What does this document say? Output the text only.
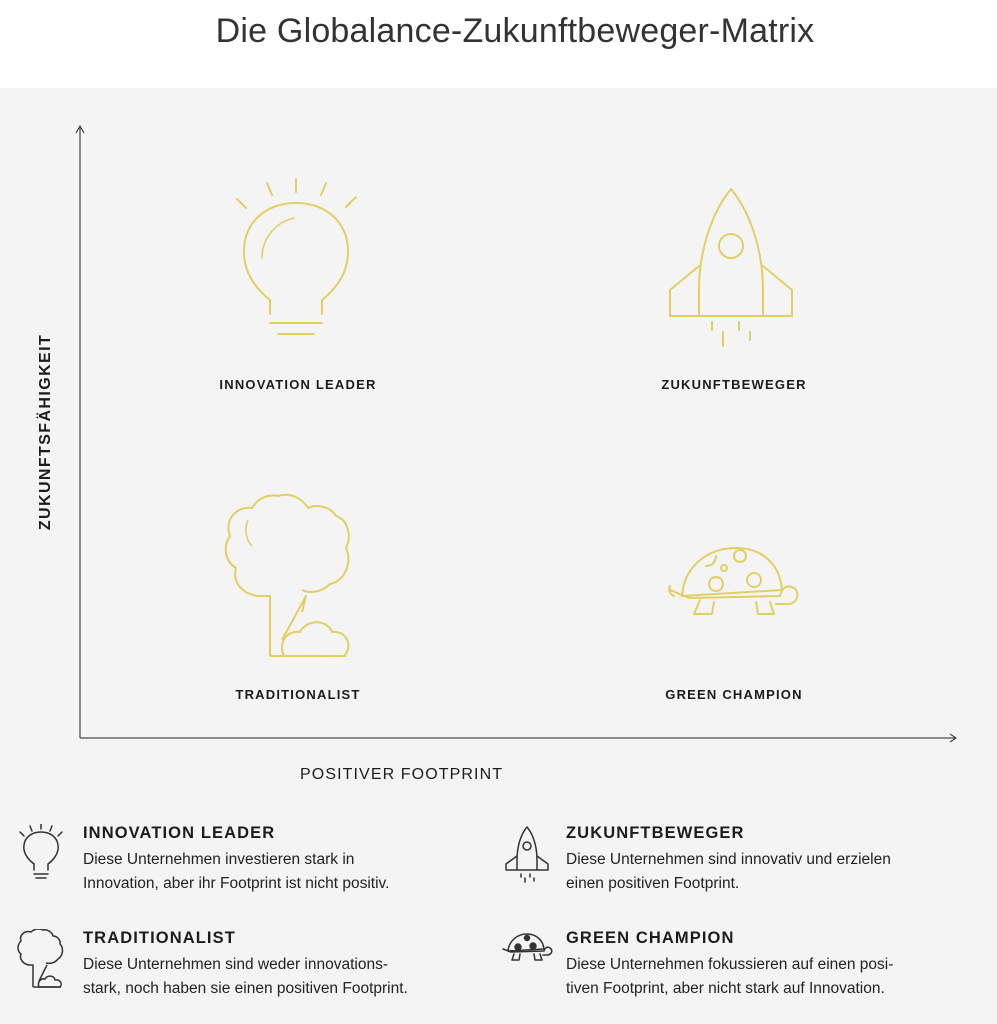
Die Globalance-Zukunftbeweger-Matrix
ZUKUNFTSFÄHIGKEIT
POSITIVER FOOTPRINT
INNOVATION LEADER	ZUKUNFTBEWEGER
TRADITIONALIST	GREEN CHAMPION
INNOVATION LEADER
Diese Unternehmen investieren stark in
Innovation, aber ihr Footprint ist nicht positiv.
ZUKUNFTBEWEGER
Diese Unternehmen sind innovativ und erzielen
einen positiven Footprint.
TRADITIONALIST
Diese Unternehmen sind weder innovations-
stark, noch haben sie einen positiven Footprint.
GREEN CHAMPION
Diese Unternehmen fokussieren auf einen posi-
tiven Footprint, aber nicht stark auf Innovation.
